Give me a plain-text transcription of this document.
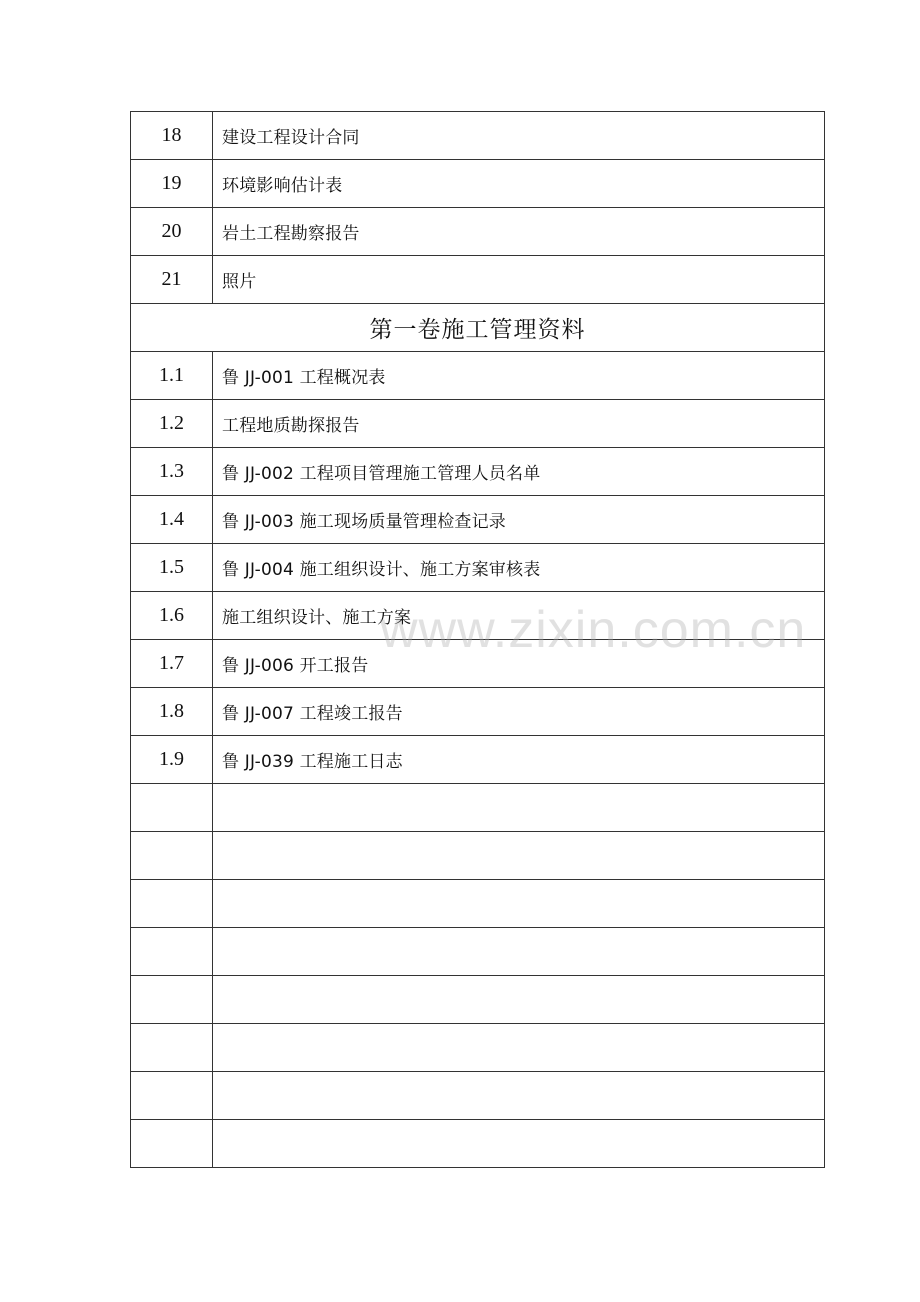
18	建设工程设计合同
19	环境影响估计表
20	岩土工程勘察报告
21	照片
第一卷施工管理资料	
1.1	鲁 JJ-001 工程概况表
1.2	工程地质勘探报告
1.3	鲁 JJ-002 工程项目管理施工管理人员名单
1.4	鲁 JJ-003 施工现场质量管理检查记录
1.5	鲁 JJ-004 施工组织设计、施工方案审核表
1.6	施工组织设计、施工方案
1.7	鲁 JJ-006 开工报告
1.8	鲁 JJ-007 工程竣工报告
1.9	鲁 JJ-039 工程施工日志

www.zixin.com.cn
